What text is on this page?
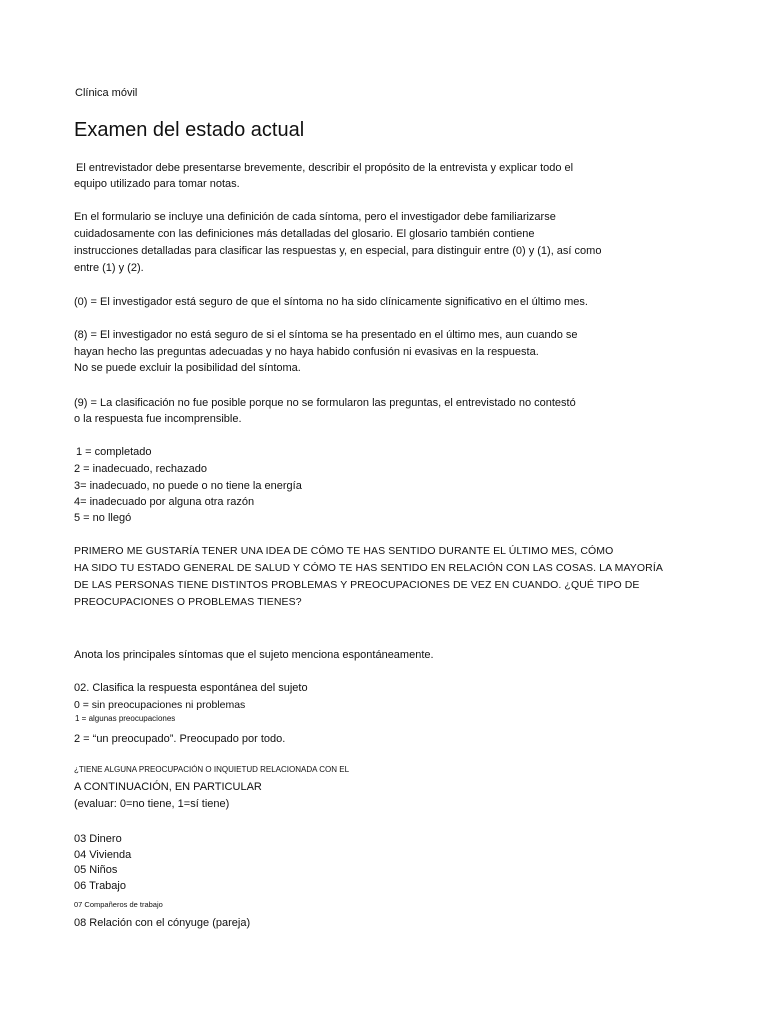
Clínica móvil

Examen del estado actual

El entrevistador debe presentarse brevemente, describir el propósito de la entrevista y explicar todo el

equipo utilizado para tomar notas.

En el formulario se incluye una definición de cada síntoma, pero el investigador debe familiarizarse

cuidadosamente con las definiciones más detalladas del glosario. El glosario también contiene

instrucciones detalladas para clasificar las respuestas y, en especial, para distinguir entre (0) y (1), así como

entre (1) y (2).

(0) = El investigador está seguro de que el síntoma no ha sido clínicamente significativo en el último mes.

(8) = El investigador no está seguro de si el síntoma se ha presentado en el último mes, aun cuando se

hayan hecho las preguntas adecuadas y no haya habido confusión ni evasivas en la respuesta.

No se puede excluir la posibilidad del síntoma.

(9) = La clasificación no fue posible porque no se formularon las preguntas, el entrevistado no contestó

o la respuesta fue incomprensible.

1 = completado

2 = inadecuado, rechazado

3= inadecuado, no puede o no tiene la energía

4= inadecuado por alguna otra razón

5 = no llegó

PRIMERO ME GUSTARÍA TENER UNA IDEA DE CÓMO TE HAS SENTIDO DURANTE EL ÚLTIMO MES, CÓMO

HA SIDO TU ESTADO GENERAL DE SALUD Y CÓMO TE HAS SENTIDO EN RELACIÓN CON LAS COSAS. LA MAYORÍA

DE LAS PERSONAS TIENE DISTINTOS PROBLEMAS Y PREOCUPACIONES DE VEZ EN CUANDO. ¿QUÉ TIPO DE

PREOCUPACIONES O PROBLEMAS TIENES?

Anota los principales síntomas que el sujeto menciona espontáneamente.

02. Clasifica la respuesta espontánea del sujeto

0 = sin preocupaciones ni problemas

1 = algunas preocupaciones

2 = “un preocupado”. Preocupado por todo.

¿TIENE ALGUNA PREOCUPACIÓN O INQUIETUD RELACIONADA CON EL

A CONTINUACIÓN, EN PARTICULAR

(evaluar: 0=no tiene, 1=sí tiene)

03 Dinero

04 Vivienda

05 Niños

06 Trabajo

07 Compañeros de trabajo

08 Relación con el cónyuge (pareja)
